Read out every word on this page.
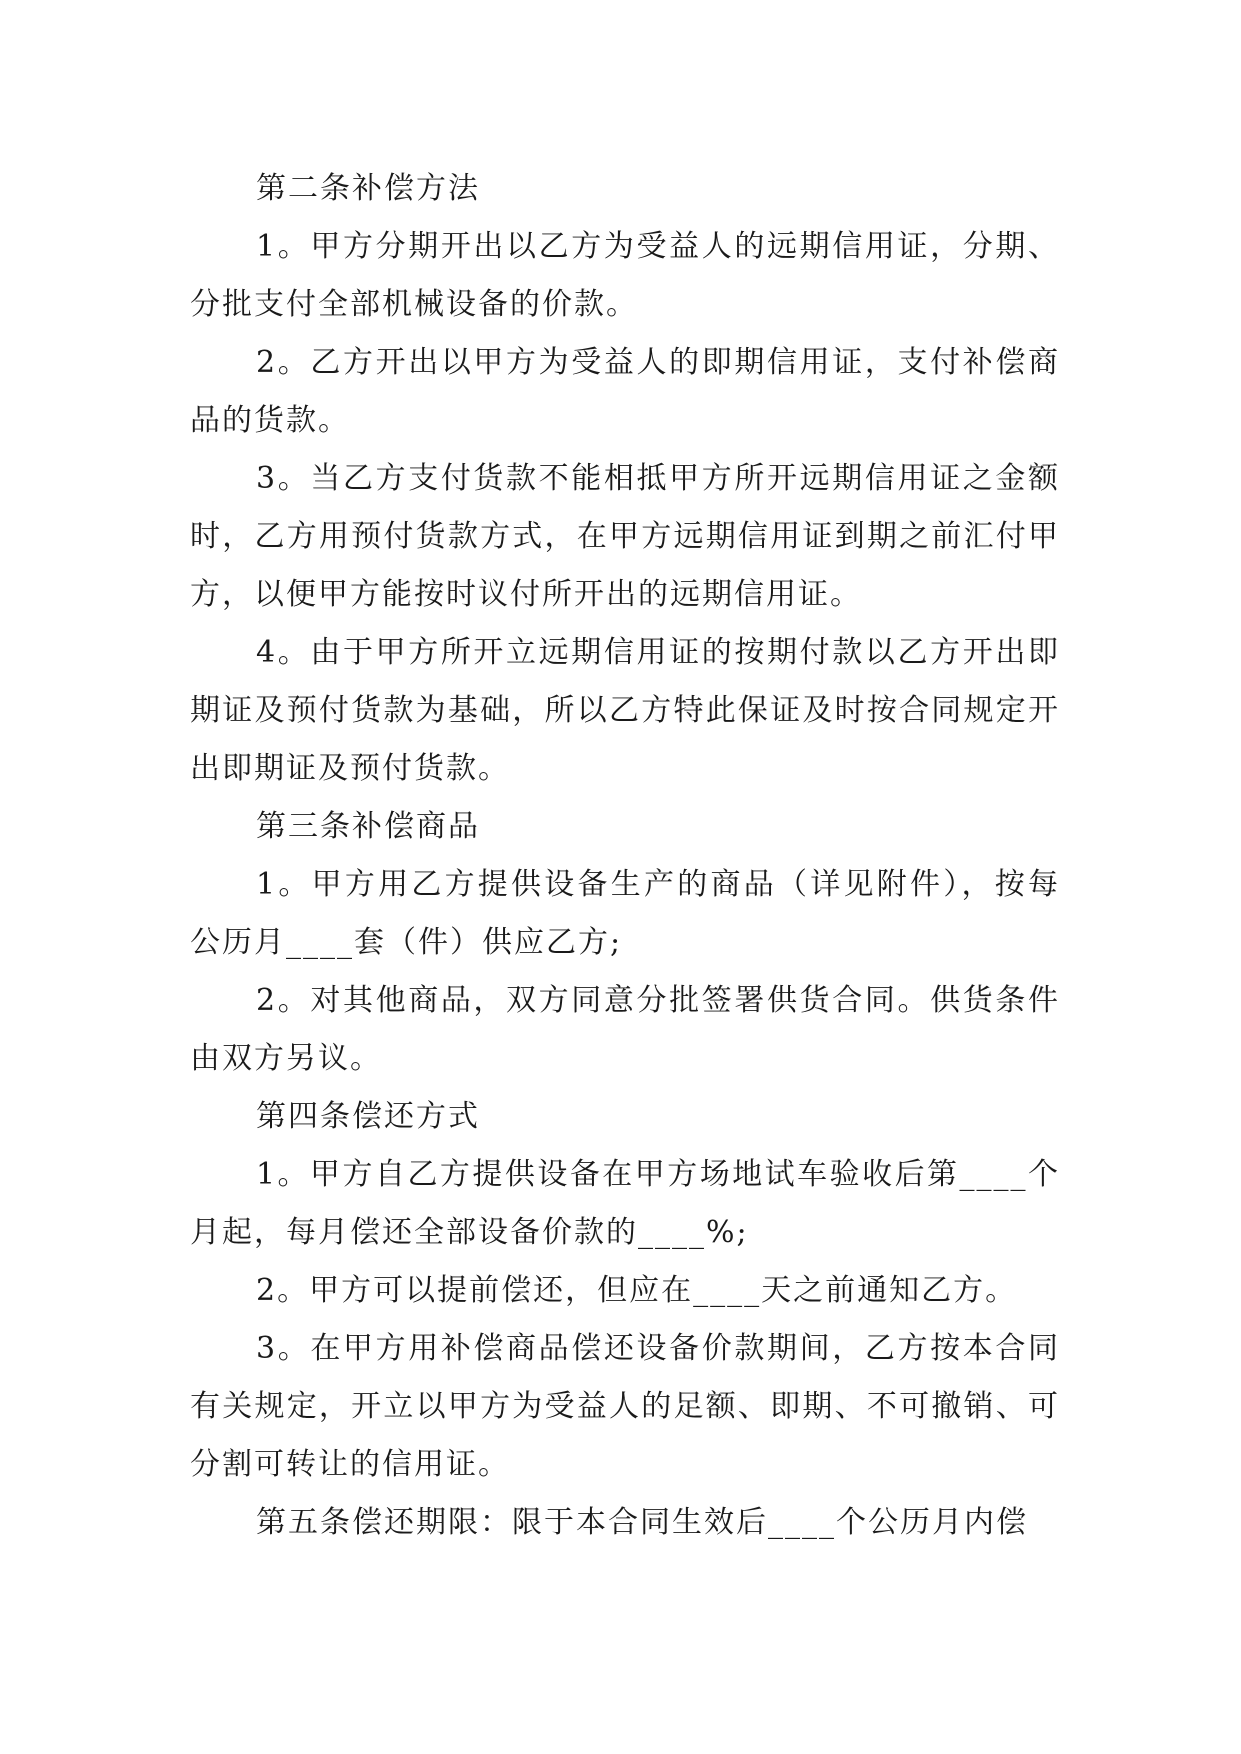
第二条补偿方法

1。甲方分期开出以乙方为受益人的远期信用证，分期、分批支付全部机械设备的价款。

2。乙方开出以甲方为受益人的即期信用证，支付补偿商品的货款。

3。当乙方支付货款不能相抵甲方所开远期信用证之金额时，乙方用预付货款方式，在甲方远期信用证到期之前汇付甲方，以便甲方能按时议付所开出的远期信用证。

4。由于甲方所开立远期信用证的按期付款以乙方开出即期证及预付货款为基础，所以乙方特此保证及时按合同规定开出即期证及预付货款。

第三条补偿商品

1。甲方用乙方提供设备生产的商品（详见附件），按每公历月____套（件）供应乙方;

2。对其他商品，双方同意分批签署供货合同。供货条件由双方另议。

第四条偿还方式

1。甲方自乙方提供设备在甲方场地试车验收后第____个月起，每月偿还全部设备价款的____%;

2。甲方可以提前偿还，但应在____天之前通知乙方。

3。在甲方用补偿商品偿还设备价款期间，乙方按本合同有关规定，开立以甲方为受益人的足额、即期、不可撤销、可分割可转让的信用证。

第五条偿还期限：限于本合同生效后____个公历月内偿
